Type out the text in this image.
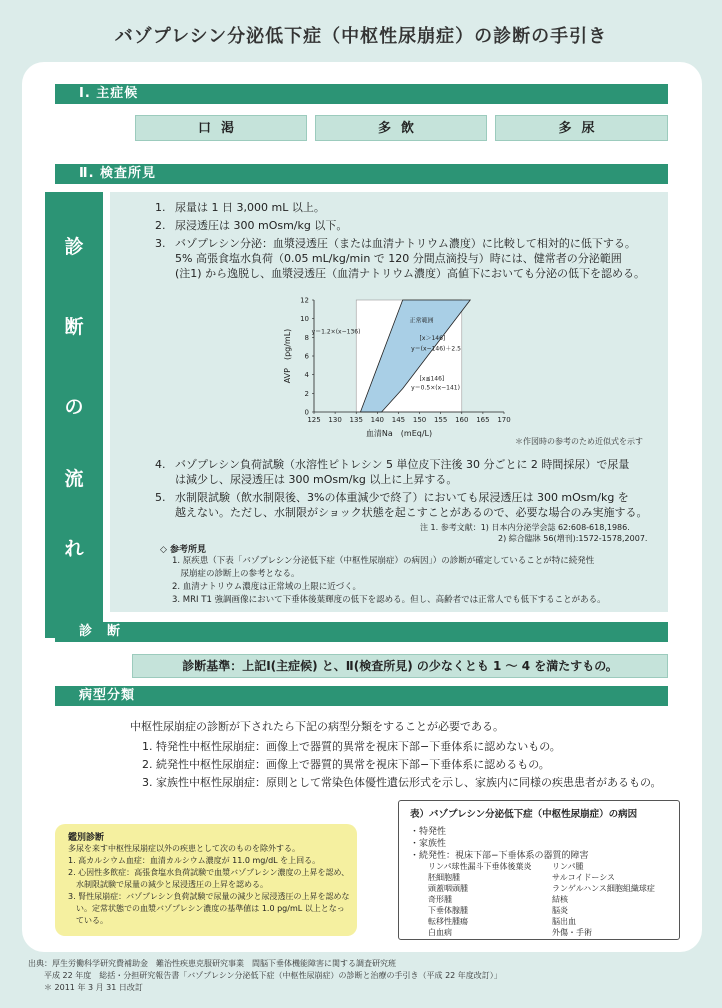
バゾプレシン分泌低下症（中枢性尿崩症）の診断の手引き
Ⅰ. 主症候
口渇	多飲	多尿
Ⅱ. 検査所見
診
断
の
流
れ
1. 尿量は 1 日 3,000 mL 以上。
2. 尿浸透圧は 300 mOsm/kg 以下。
3. バゾプレシン分泌：血漿浸透圧（または血清ナトリウム濃度）に比較して相対的に低下する。
5% 高張食塩水負荷（0.05 mL/kg/min で 120 分間点滴投与）時には、健常者の分泌範囲
(注1) から逸脱し、血漿浸透圧（血清ナトリウム濃度）高値下においても分泌の低下を認める。
125 130 135 140 145 150 155 160 165 170
0
2
4
6
8
10
12
血清Na　(mEq/L)
AVP　(pg/mL)
正常範囲
y＝1.2×(x−136)
[x＞146]
y＝(x−146)＋2.5
[x≦146]
y＝0.5×(x−141)
＊作図時の参考のため近似式を示す
4. バゾプレシン負荷試験（水溶性ピトレシン 5 単位皮下注後 30 分ごとに 2 時間採尿）で尿量
は減少し、尿浸透圧は 300 mOsm/kg 以上に上昇する。
5. 水制限試験（飲水制限後、3%の体重減少で終了）においても尿浸透圧は 300 mOsm/kg を
越えない。ただし、水制限がショック状態を起こすことがあるので、必要な場合のみ実施する。
注 1. 参考文献：1) 日本内分泌学会誌 62:608-618,1986.
2) 綜合臨牀 56(増刊):1572-1578,2007.
◇ 参考所見
1. 原疾患（下表「バゾプレシン分泌低下症（中枢性尿崩症）の病因」）の診断が確定していることが特に続発性
　尿崩症の診断上の参考となる。
2. 血清ナトリウム濃度は正常域の上限に近づく。
3. MRI T1 強調画像において下垂体後葉輝度の低下を認める。但し、高齢者では正常人でも低下することがある。
診　断
診断基準：上記Ⅰ(主症候) と、Ⅱ(検査所見) の少なくとも 1 〜 4 を満たすもの。
病型分類
中枢性尿崩症の診断が下されたら下記の病型分類をすることが必要である。
1. 特発性中枢性尿崩症：画像上で器質的異常を視床下部−下垂体系に認めないもの。
2. 続発性中枢性尿崩症：画像上で器質的異常を視床下部−下垂体系に認めるもの。
3. 家族性中枢性尿崩症：原則として常染色体優性遺伝形式を示し、家族内に同様の疾患患者があるもの。
鑑別診断
多尿を来す中枢性尿崩症以外の疾患として次のものを除外する。
1. 高カルシウム血症：血清カルシウム濃度が 11.0 mg/dL を上回る。
2. 心因性多飲症：高張食塩水負荷試験で血漿バゾプレシン濃度の上昇を認め、
　水制限試験で尿量の減少と尿浸透圧の上昇を認める。
3. 腎性尿崩症：バゾプレシン負荷試験で尿量の減少と尿浸透圧の上昇を認めな
　い。定常状態での血漿バゾプレシン濃度の基準値は 1.0 pg/mL 以上となっ
　ている。
表）バゾプレシン分泌低下症（中枢性尿崩症）の病因
・特発性
・家族性
・続発性：視床下部−下垂体系の器質的障害
リンパ球性漏斗下垂体後葉炎
胚細胞腫
頭蓋咽頭腫
奇形腫
下垂体腺腫
転移性腫瘍
白血病
リンパ腫
サルコイドーシス
ランゲルハンス細胞組織球症
結核
脳炎
脳出血
外傷・手術
出典：厚生労働科学研究費補助金　難治性疾患克服研究事業　間脳下垂体機能障害に関する調査研究班
平成 22 年度　総括・分担研究報告書「バゾプレシン分泌低下症（中枢性尿崩症）の診断と治療の手引き（平成 22 年度改訂）」
＊ 2011 年 3 月 31 日改訂
